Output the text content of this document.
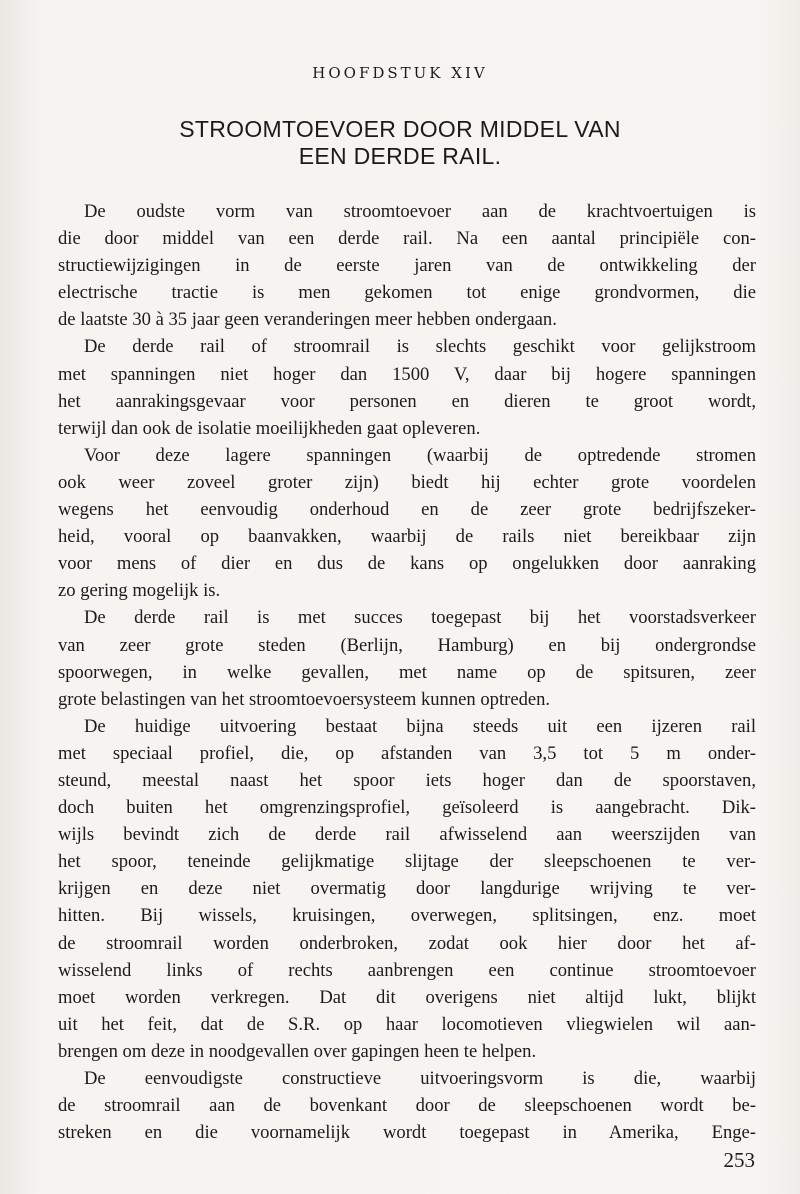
HOOFDSTUK XIV
STROOMTOEVOER DOOR MIDDEL VAN
EEN DERDE RAIL.
De oudste vorm van stroomtoevoer aan de krachtvoertuigen is
die door middel van een derde rail. Na een aantal principiële con-
structiewijzigingen in de eerste jaren van de ontwikkeling der
electrische tractie is men gekomen tot enige grondvormen, die
de laatste 30 à 35 jaar geen veranderingen meer hebben ondergaan.
De derde rail of stroomrail is slechts geschikt voor gelijkstroom
met spanningen niet hoger dan 1500 V, daar bij hogere spanningen
het aanrakingsgevaar voor personen en dieren te groot wordt,
terwijl dan ook de isolatie moeilijkheden gaat opleveren.
Voor deze lagere spanningen (waarbij de optredende stromen
ook weer zoveel groter zijn) biedt hij echter grote voordelen
wegens het eenvoudig onderhoud en de zeer grote bedrijfszeker-
heid, vooral op baanvakken, waarbij de rails niet bereikbaar zijn
voor mens of dier en dus de kans op ongelukken door aanraking
zo gering mogelijk is.
De derde rail is met succes toegepast bij het voorstadsverkeer
van zeer grote steden (Berlijn, Hamburg) en bij ondergrondse
spoorwegen, in welke gevallen, met name op de spitsuren, zeer
grote belastingen van het stroomtoevoersysteem kunnen optreden.
De huidige uitvoering bestaat bijna steeds uit een ijzeren rail
met speciaal profiel, die, op afstanden van 3,5 tot 5 m onder-
steund, meestal naast het spoor iets hoger dan de spoorstaven,
doch buiten het omgrenzingsprofiel, geïsoleerd is aangebracht. Dik-
wijls bevindt zich de derde rail afwisselend aan weerszijden van
het spoor, teneinde gelijkmatige slijtage der sleepschoenen te ver-
krijgen en deze niet overmatig door langdurige wrijving te ver-
hitten. Bij wissels, kruisingen, overwegen, splitsingen, enz. moet
de stroomrail worden onderbroken, zodat ook hier door het af-
wisselend links of rechts aanbrengen een continue stroomtoevoer
moet worden verkregen. Dat dit overigens niet altijd lukt, blijkt
uit het feit, dat de S.R. op haar locomotieven vliegwielen wil aan-
brengen om deze in noodgevallen over gapingen heen te helpen.
De eenvoudigste constructieve uitvoeringsvorm is die, waarbij
de stroomrail aan de bovenkant door de sleepschoenen wordt be-
streken en die voornamelijk wordt toegepast in Amerika, Enge-
253
